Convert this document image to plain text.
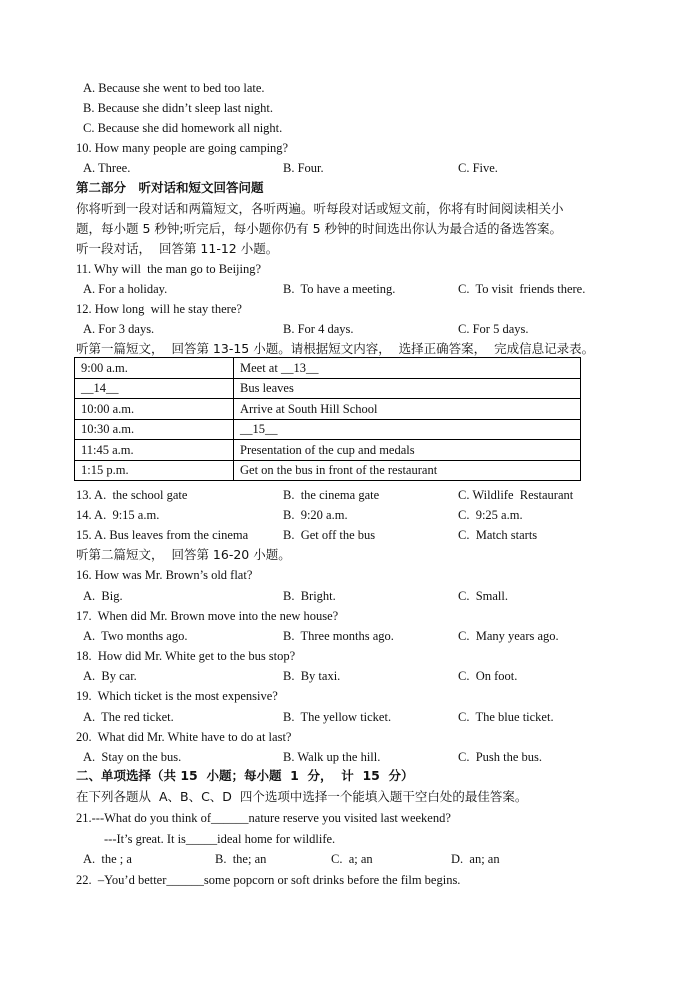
A. Because she went to bed too late.
B. Because she didn’t sleep last night.
C. Because she did homework all night.
10. How many people are going camping?
A. Three.	B. Four.	C. Five.
第二部分　听对话和短文回答问题
你将听到一段对话和两篇短文，各听两遍。听每段对话或短文前，你将有时间阅读相关小
题，每小题 5 秒钟;听完后，每小题你仍有 5 秒钟的时间选出你认为最合适的备选答案。
听一段对话，  回答第 11-12 小题。
11. Why will  the man go to Beijing?
A. For a holiday.	B.  To have a meeting.	C.  To visit  friends there.
12. How long  will he stay there?
A. For 3 days.	B. For 4 days.	C. For 5 days.
听第一篇短文，  回答第 13-15 小题。请根据短文内容，  选择正确答案，  完成信息记录表。
9:00 a.m.	Meet at __13__
__14__	Bus leaves
10:00 a.m.	Arrive at South Hill School
10:30 a.m.	__15__
11:45 a.m.	Presentation of the cup and medals
1:15 p.m.	Get on the bus in front of the restaurant
13. A.  the school gate	B.  the cinema gate	C. Wildlife  Restaurant
14. A.  9:15 a.m.	B.  9:20 a.m.	C.  9:25 a.m.
15. A. Bus leaves from the cinema	B.  Get off the bus	C.  Match starts
听第二篇短文，  回答第 16-20 小题。
16. How was Mr. Brown’s old flat?
A.  Big.	B.  Bright.	C.  Small.
17.  When did Mr. Brown move into the new house?
A.  Two months ago.	B.  Three months ago.	C.  Many years ago.
18.  How did Mr. White get to the bus stop?
A.  By car.	B.  By taxi.	C.  On foot.
19.  Which ticket is the most expensive?
A.  The red ticket.	B.  The yellow ticket.	C.  The blue ticket.
20.  What did Mr. White have to do at last?
A.  Stay on the bus.	B. Walk up the hill.	C.  Push the bus.
二、单项选择（共 15  小题；每小题  1  分，  计  15  分）
在下列各题从  A、B、C、D  四个选项中选择一个能填入题干空白处的最佳答案。
21.---What do you think of______nature reserve you visited last weekend?
---It’s great. It is_____ideal home for wildlife.
A.  the ; a	B.  the; an	C.  a; an	D.  an; an
22.  –You’d better______some popcorn or soft drinks before the film begins.
